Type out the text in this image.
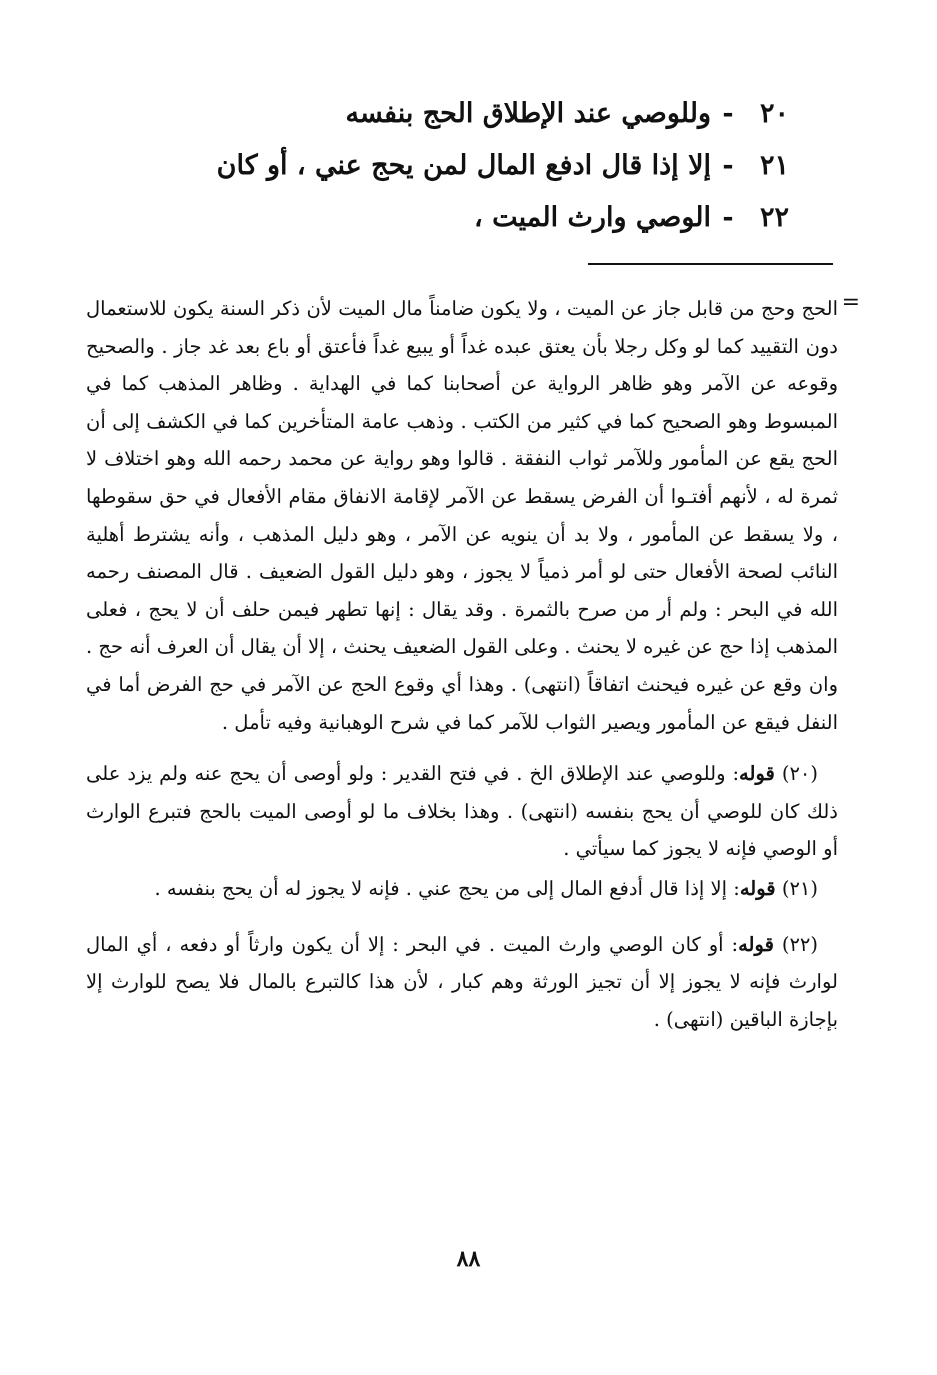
٢٠
-
وللوصي عند الإطلاق الحج بنفسه
٢١
-
إلا إذا قال ادفع المال لمن يحج عني ، أو كان
٢٢
-
الوصي وارث الميت ،
=
الحج وحج من قابل جاز عن الميت ، ولا يكون ضامناً مال الميت لأن ذكر السنة يكون للاستعمال دون التقييد كما لو وكل رجلا بأن يعتق عبده غداً أو يبيع غداً فأعتق أو باع بعد غد جاز . والصحيح وقوعه عن الآمر وهو ظاهر الرواية عن أصحابنا كما في الهداية . وظاهر المذهب كما في المبسوط وهو الصحيح كما في كثير من الكتب . وذهب عامة المتأخرين كما في الكشف إلى أن الحج يقع عن المأمور وللآمر ثواب النفقة . قالوا وهو رواية عن محمد رحمه الله وهو اختلاف لا ثمرة له ، لأنهم أفتـوا أن الفرض يسقط عن الآمر لإقامة الانفاق مقام الأفعال في حق سقوطها ، ولا يسقط عن المأمور ، ولا بد أن ينويه عن الآمر ، وهو دليل المذهب ، وأنه يشترط أهلية النائب لصحة الأفعال حتى لو أمر ذمياً لا يجوز ، وهو دليل القول الضعيف . قال المصنف رحمه الله في البحر : ولم أر من صرح بالثمرة . وقد يقال : إنها تطهر فيمن حلف أن لا يحج ، فعلى المذهب إذا حج عن غيره لا يحنث . وعلى القول الضعيف يحنث ، إلا أن يقال أن العرف أنه حج . وان وقع عن غيره فيحنث اتفاقاً (انتهى) . وهذا أي وقوع الحج عن الآمر في حج الفرض أما في النفل فيقع عن المأمور ويصير الثواب للآمر كما في شرح الوهبانية وفيه تأمل .
(٢٠) قوله: وللوصي عند الإطلاق الخ . في فتح القدير : ولو أوصى أن يحج عنه ولم يزد على ذلك كان للوصي أن يحج بنفسه (انتهى) . وهذا بخلاف ما لو أوصى الميت بالحج فتبرع الوارث أو الوصي فإنه لا يجوز كما سيأتي .
(٢١) قوله: إلا إذا قال أدفع المال إلى من يحج عني . فإنه لا يجوز له أن يحج بنفسه .
(٢٢) قوله: أو كان الوصي وارث الميت . في البحر : إلا أن يكون وارثاً أو دفعه ، أي المال لوارث فإنه لا يجوز إلا أن تجيز الورثة وهم كبار ، لأن هذا كالتبرع بالمال فلا يصح للوارث إلا بإجازة الباقين (انتهى) .
٨٨
